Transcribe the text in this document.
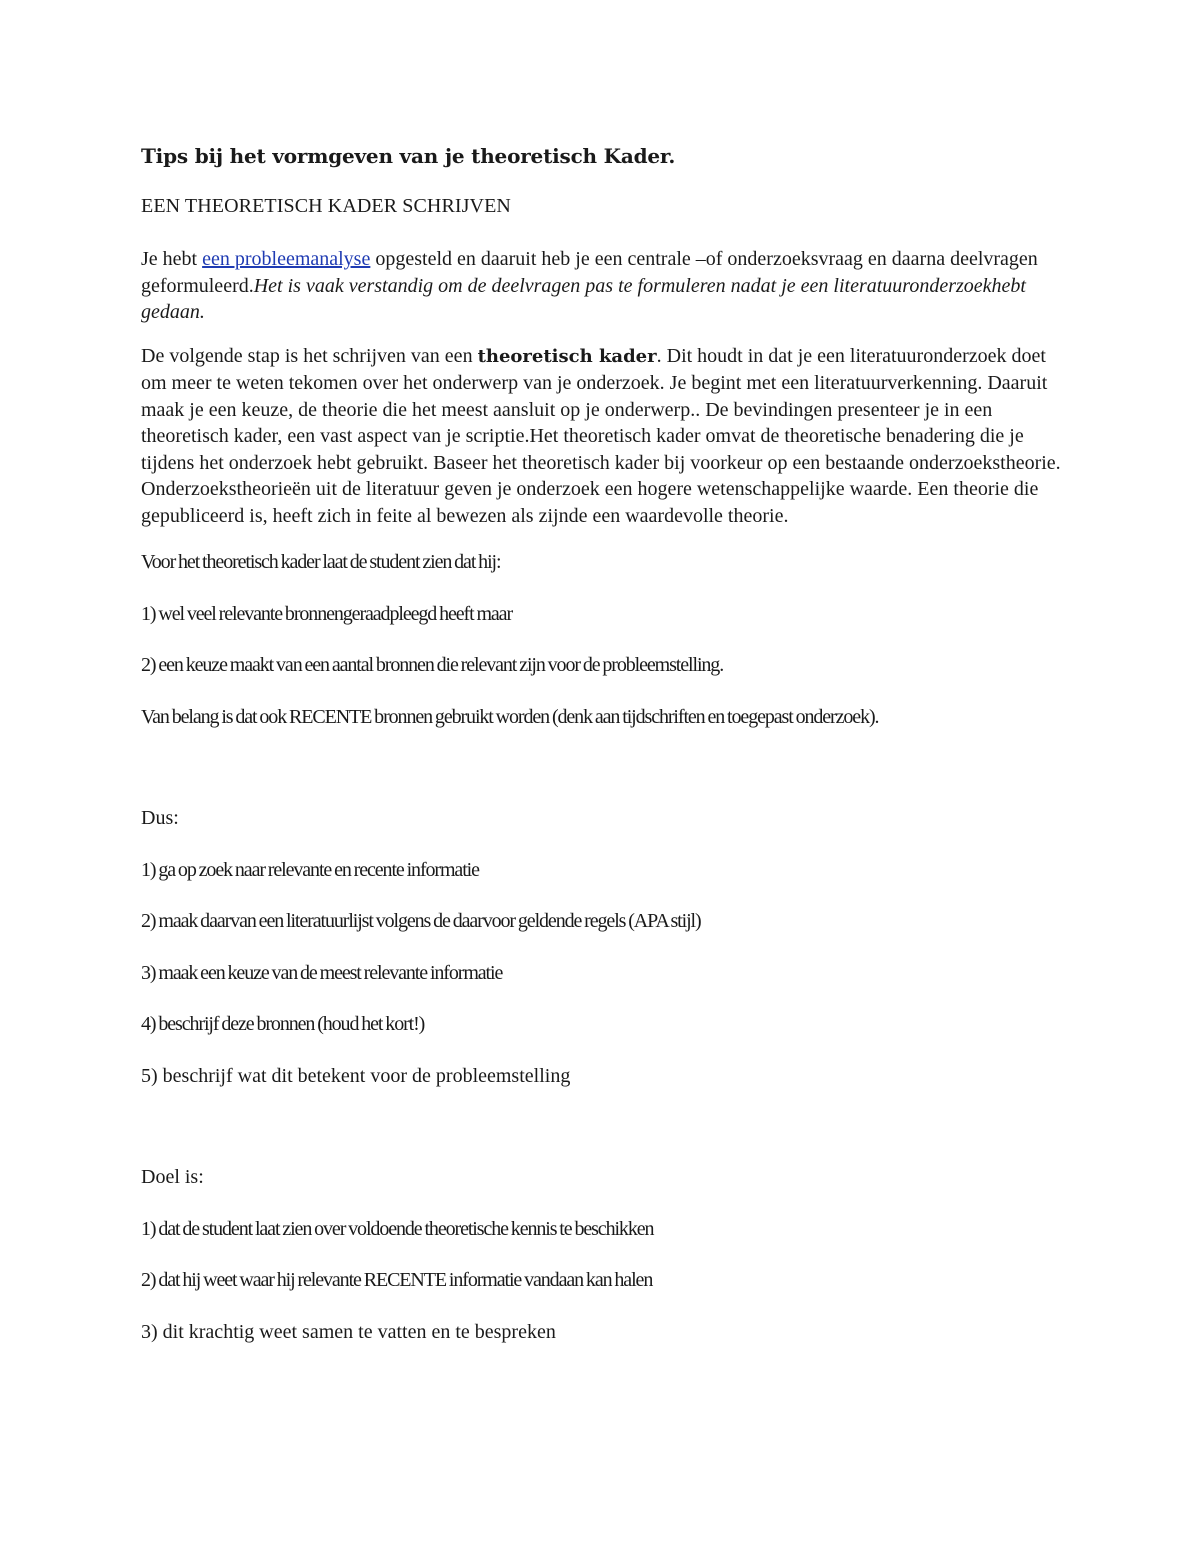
Tips bij het vormgeven van je theoretisch Kader.
EEN THEORETISCH KADER SCHRIJVEN

Je hebt een probleemanalyse opgesteld en daaruit heb je een centrale –of onderzoeksvraag en daarna deelvragen geformuleerd.Het is vaak verstandig om de deelvragen pas te formuleren nadat je een literatuuronderzoekhebt gedaan.

De volgende stap is het schrijven van een theoretisch kader. Dit houdt in dat je een literatuuronderzoek doet om meer te weten tekomen over het onderwerp van je onderzoek. Je begint met een literatuurverkenning. Daaruit maak je een keuze, de theorie die het meest aansluit op je onderwerp.. De bevindingen presenteer je in een theoretisch kader, een vast aspect van je scriptie.Het theoretisch kader omvat de theoretische benadering die je tijdens het onderzoek hebt gebruikt. Baseer het theoretisch kader bij voorkeur op een bestaande onderzoekstheorie. Onderzoekstheorieën uit de literatuur geven je onderzoek een hogere wetenschappelijke waarde. Een theorie die gepubliceerd is, heeft zich in feite al bewezen als zijnde een waardevolle theorie.

Voor het theoretisch kader laat de student zien dat hij:

1) wel veel relevante bronnengeraadpleegd heeft maar

2) een keuze maakt van een aantal bronnen die relevant zijn voor de probleemstelling.

Van belang is dat ook RECENTE bronnen gebruikt worden (denk aan tijdschriften en toegepast onderzoek).

Dus:

1) ga op zoek naar relevante en recente informatie

2) maak daarvan een literatuurlijst volgens de daarvoor geldende regels (APA stijl)

3) maak een keuze van de meest relevante informatie

4) beschrijf deze bronnen (houd het kort!)

5) beschrijf wat dit betekent voor de probleemstelling

Doel is:

1) dat de student laat zien over voldoende theoretische kennis te beschikken

2) dat hij weet waar hij relevante RECENTE informatie vandaan kan halen

3) dit krachtig weet samen te vatten en te bespreken
